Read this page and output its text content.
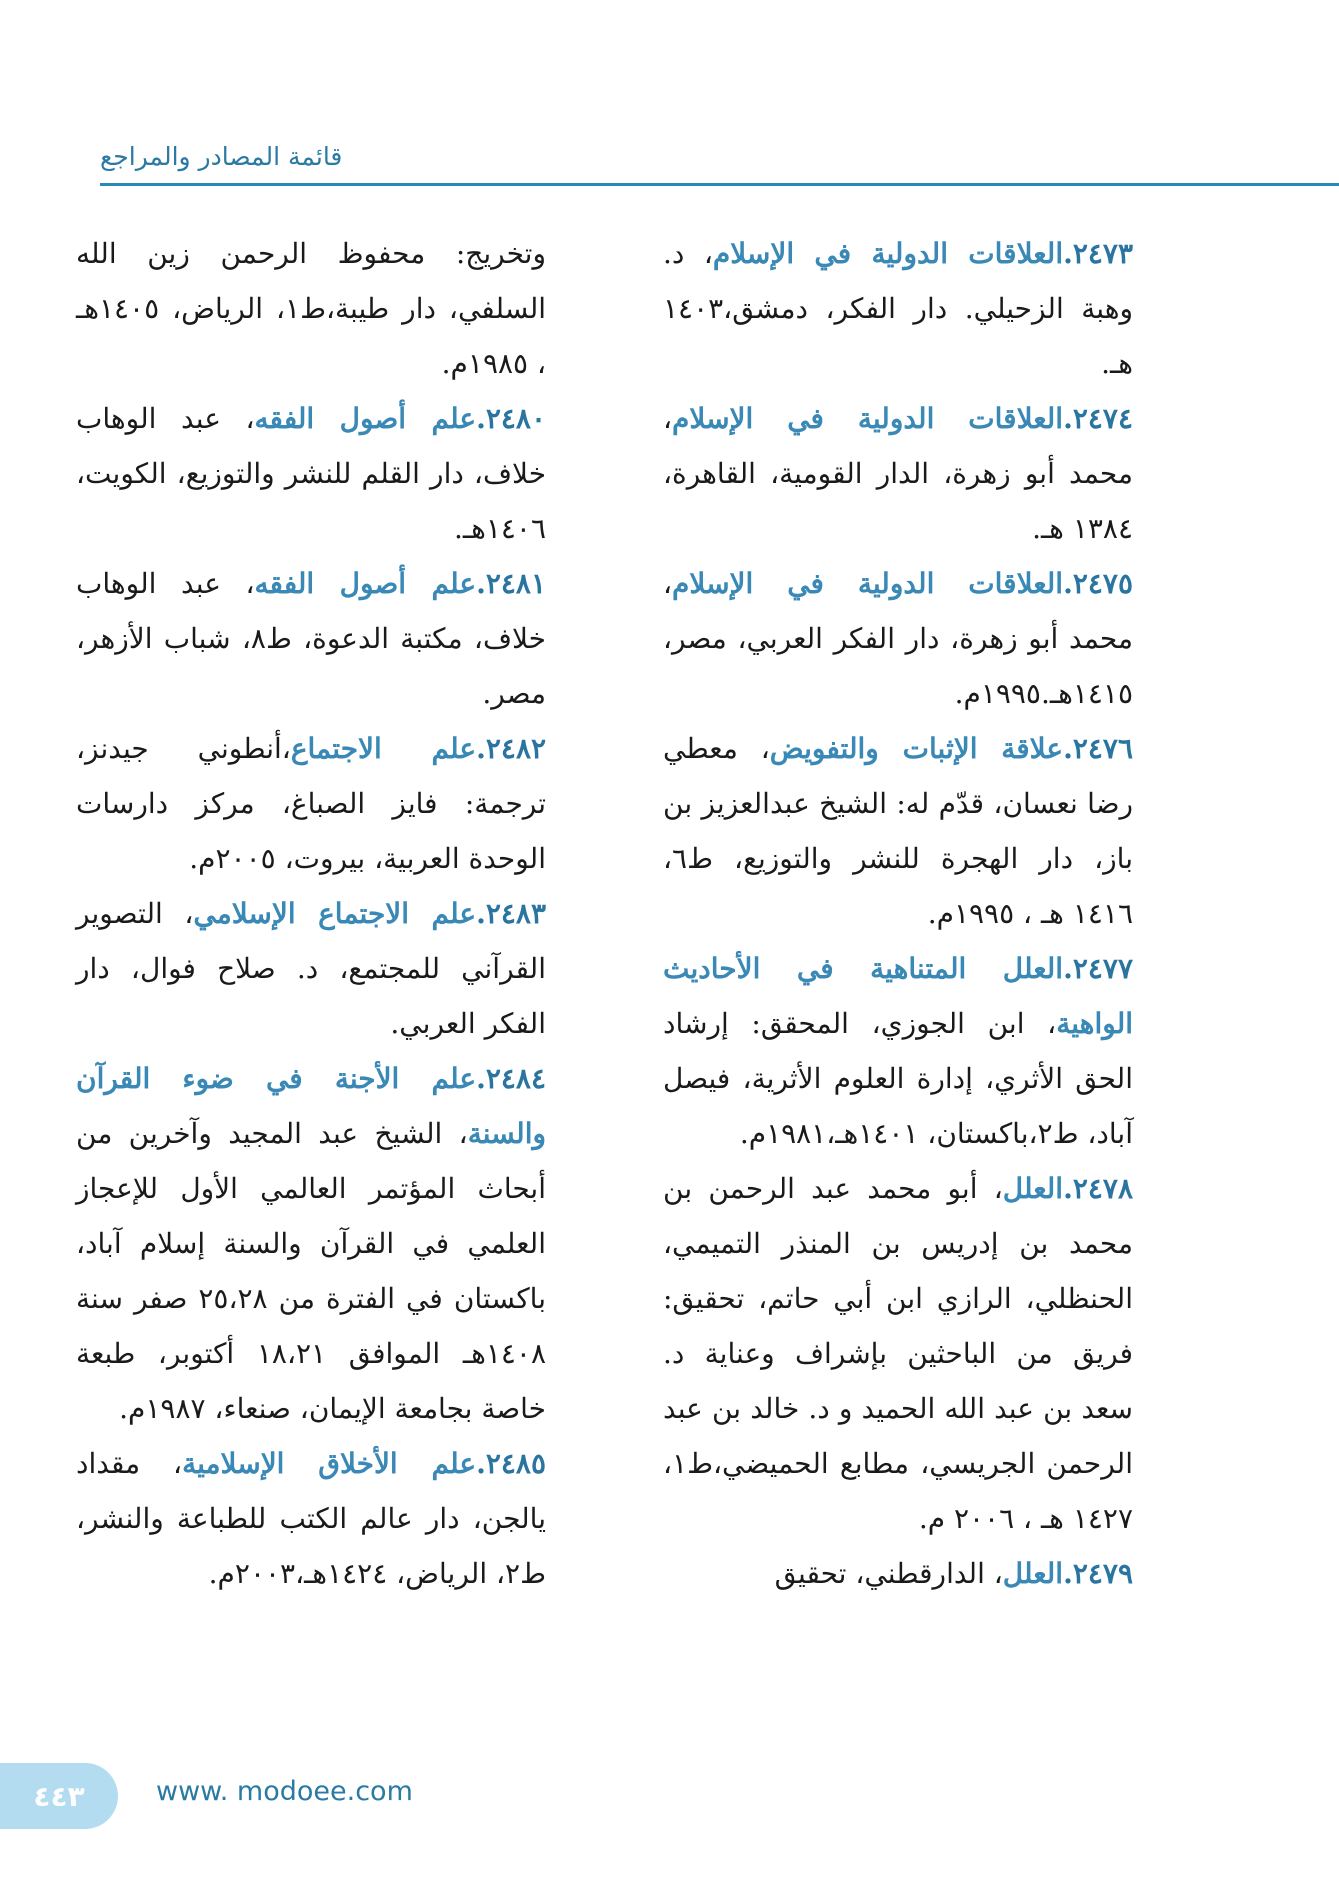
قائمة المصادر والمراجع

٢٤٧٣.العلاقات الدولية في الإسلام، د. وهبة الزحيلي. دار الفكر، دمشق،١٤٠٣ هـ.

٢٤٧٤.العلاقات الدولية في الإسلام، محمد أبو زهرة، الدار القومية، القاهرة، ١٣٨٤ هـ.

٢٤٧٥.العلاقات الدولية في الإسلام، محمد أبو زهرة، دار الفكر العربي، مصر، ١٤١٥هـ.١٩٩٥م.

٢٤٧٦.علاقة الإثبات والتفويض، معطي رضا نعسان، قدّم له: الشيخ عبدالعزيز بن باز، دار الهجرة للنشر والتوزيع، ط٦، ١٤١٦ هـ ، ١٩٩٥م.

٢٤٧٧.العلل المتناهية في الأحاديث الواهية، ابن الجوزي، المحقق: إرشاد الحق الأثري، إدارة العلوم الأثرية، فيصل آباد، ط٢،باكستان، ١٤٠١هـ،١٩٨١م.

٢٤٧٨.العلل، أبو محمد عبد الرحمن بن محمد بن إدريس بن المنذر التميمي، الحنظلي، الرازي ابن أبي حاتم، تحقيق: فريق من الباحثين بإشراف وعناية د. سعد بن عبد الله الحميد و د. خالد بن عبد الرحمن الجريسي، مطابع الحميضي،ط١، ١٤٢٧ هـ ، ٢٠٠٦ م.

٢٤٧٩.العلل، الدارقطني، تحقيق

وتخريج: محفوظ الرحمن زين الله السلفي، دار طيبة،ط١، الرياض، ١٤٠٥هـ ، ١٩٨٥م.

٢٤٨٠.علم أصول الفقه، عبد الوهاب خلاف، دار القلم للنشر والتوزيع، الكويت، ١٤٠٦هـ.

٢٤٨١.علم أصول الفقه، عبد الوهاب خلاف، مكتبة الدعوة، ط٨، شباب الأزهر، مصر.

٢٤٨٢.علم الاجتماع،أنطوني جيدنز، ترجمة: فايز الصباغ، مركز دارسات الوحدة العربية، بيروت، ٢٠٠٥م.

٢٤٨٣.علم الاجتماع الإسلامي، التصوير القرآني للمجتمع، د. صلاح فوال، دار الفكر العربي.

٢٤٨٤.علم الأجنة في ضوء القرآن والسنة، الشيخ عبد المجيد وآخرين من أبحاث المؤتمر العالمي الأول للإعجاز العلمي في القرآن والسنة إسلام آباد، باكستان في الفترة من ٢٥،٢٨ صفر سنة ١٤٠٨هـ الموافق ١٨،٢١ أكتوبر، طبعة خاصة بجامعة الإيمان، صنعاء، ١٩٨٧م.

٢٤٨٥.علم الأخلاق الإسلامية، مقداد يالجن، دار عالم الكتب للطباعة والنشر، ط٢، الرياض، ١٤٢٤هـ،٢٠٠٣م.

٤٤٣	www. modoee.com
